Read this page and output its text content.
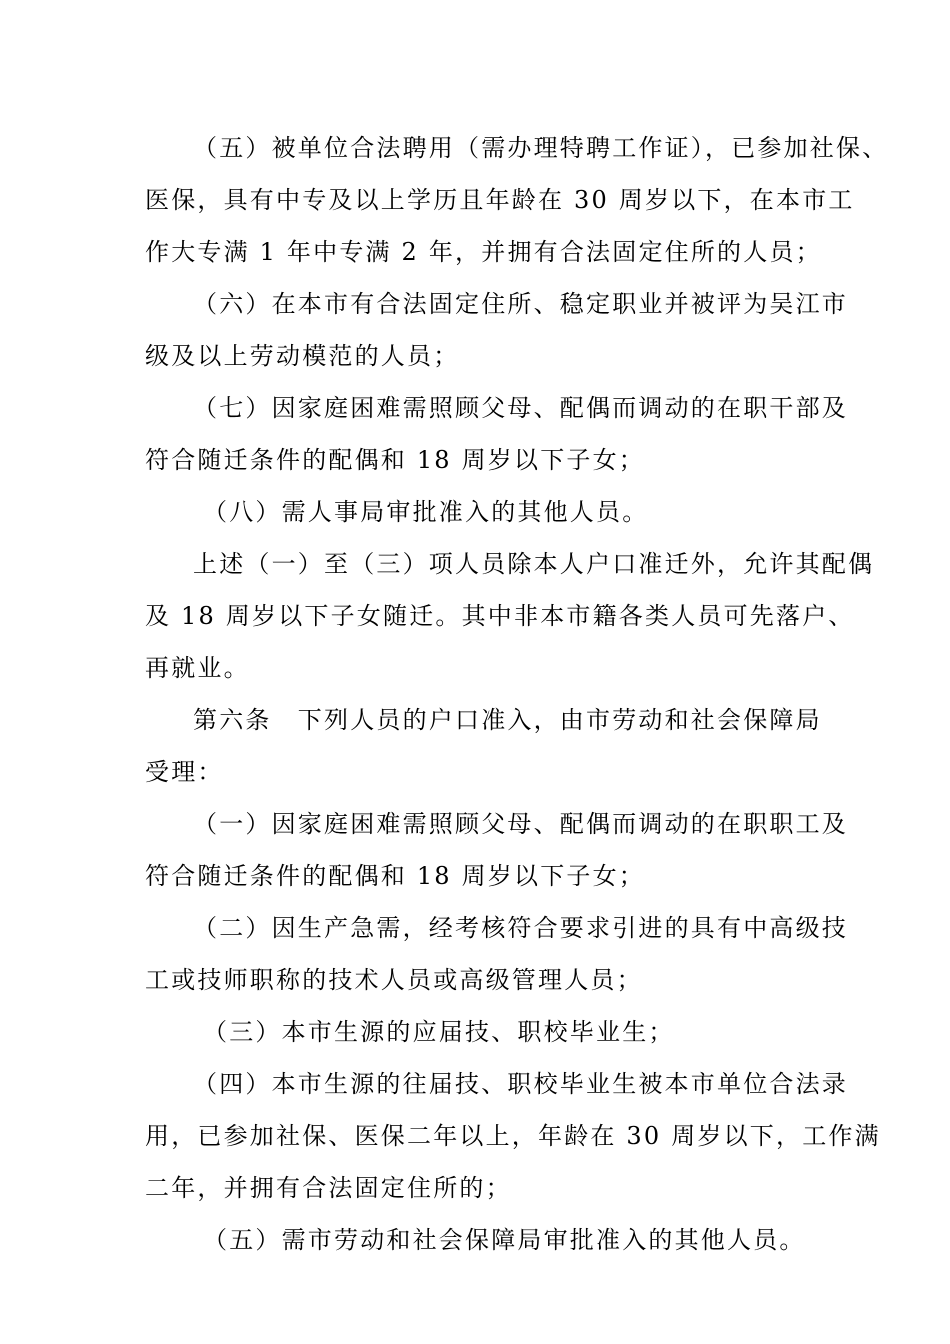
（五）被单位合法聘用（需办理特聘工作证），已参加社保、
医保，具有中专及以上学历且年龄在 30 周岁以下，在本市工
作大专满 1 年中专满 2 年，并拥有合法固定住所的人员；
（六）在本市有合法固定住所、稳定职业并被评为吴江市
级及以上劳动模范的人员；
（七）因家庭困难需照顾父母、配偶而调动的在职干部及
符合随迁条件的配偶和 18 周岁以下子女；
（八）需人事局审批准入的其他人员。
上述（一）至（三）项人员除本人户口准迁外，允许其配偶
及 18 周岁以下子女随迁。其中非本市籍各类人员可先落户、
再就业。
第六条　下列人员的户口准入，由市劳动和社会保障局
受理：
（一）因家庭困难需照顾父母、配偶而调动的在职职工及
符合随迁条件的配偶和 18 周岁以下子女；
（二）因生产急需，经考核符合要求引进的具有中高级技
工或技师职称的技术人员或高级管理人员；
（三）本市生源的应届技、职校毕业生；
（四）本市生源的往届技、职校毕业生被本市单位合法录
用，已参加社保、医保二年以上，年龄在 30 周岁以下，工作满
二年，并拥有合法固定住所的；
（五）需市劳动和社会保障局审批准入的其他人员。
